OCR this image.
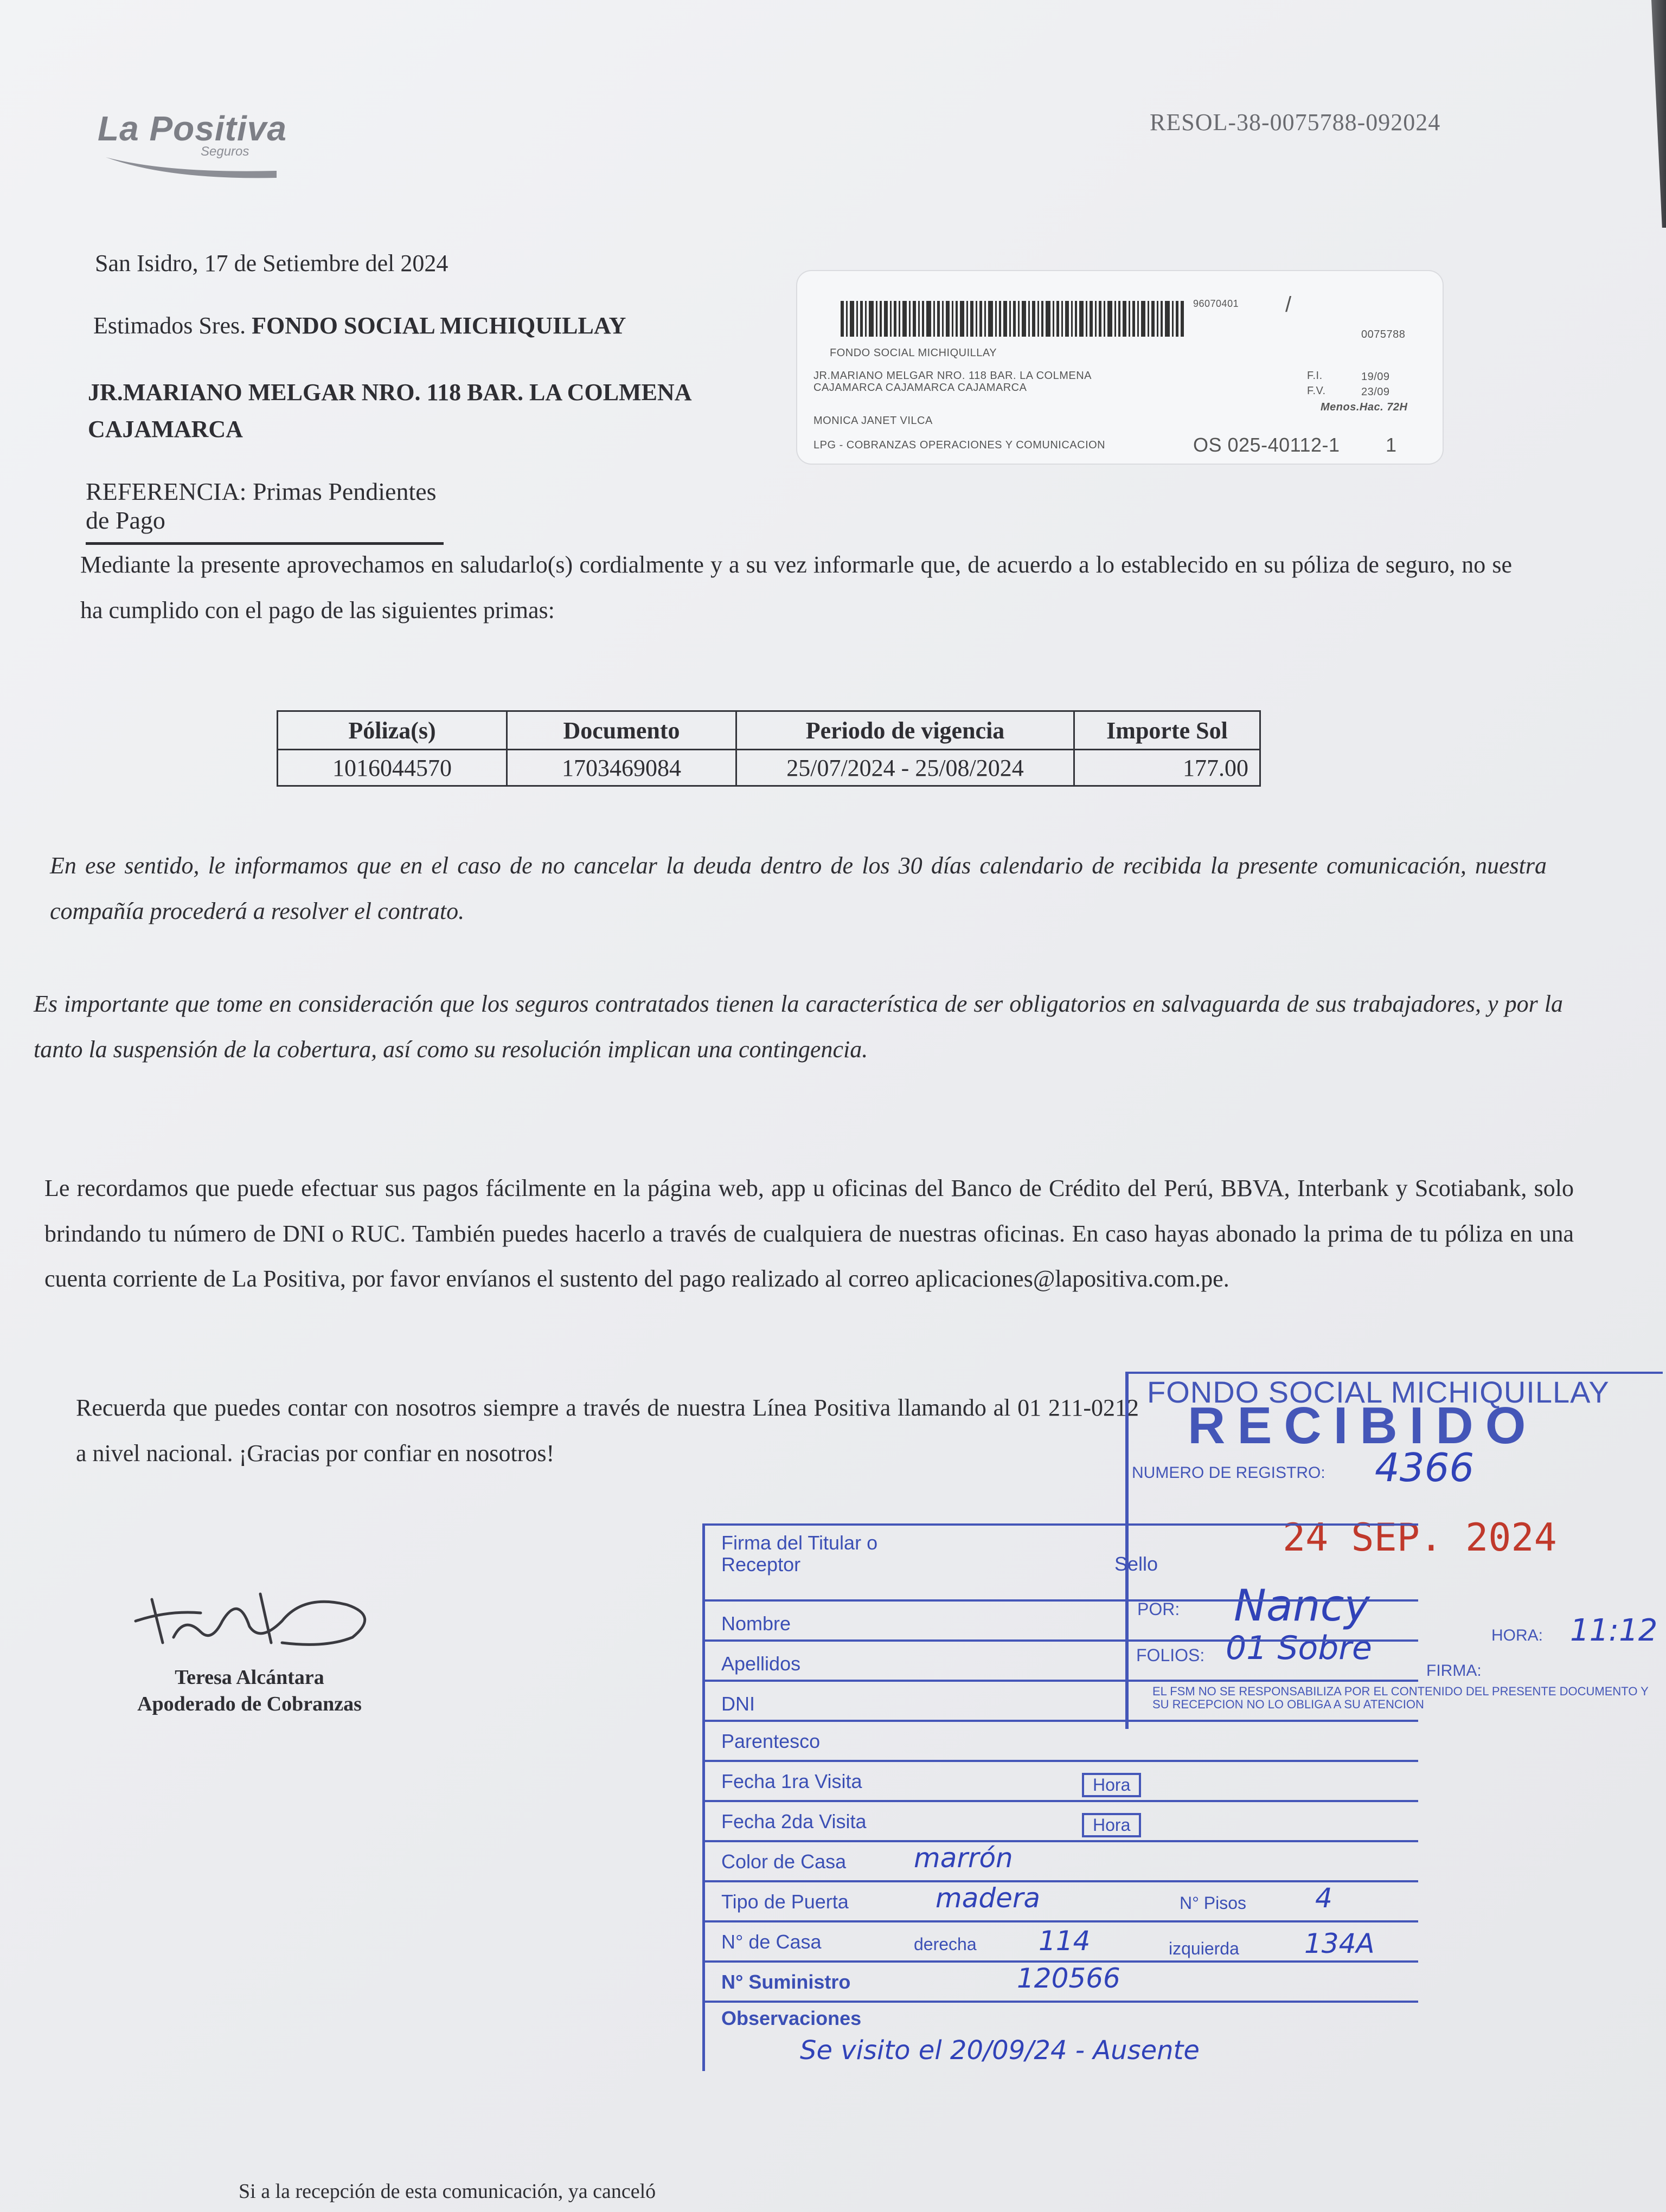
La Positiva
Seguros
RESOL-38-0075788-092024
San Isidro, 17 de Setiembre del 2024
Estimados Sres. FONDO SOCIAL MICHIQUILLAY
JR.MARIANO MELGAR NRO. 118 BAR. LA COLMENA
CAJAMARCA
REFERENCIA: Primas Pendientes de Pago
96070401 /
0075788
FONDO SOCIAL MICHIQUILLAY
JR.MARIANO MELGAR NRO. 118 BAR. LA COLMENA
CAJAMARCA CAJAMARCA CAJAMARCA
F.I.	19/09
F.V.	23/09
Menos.Hac. 72H
MONICA JANET VILCA
LPG - COBRANZAS OPERACIONES Y COMUNICACION	OS 025-40112-1 1
Mediante la presente aprovechamos en saludarlo(s) cordialmente y a su vez informarle que, de acuerdo a lo establecido en su póliza de seguro, no se ha cumplido con el pago de las siguientes primas:
Póliza(s)	Documento	Periodo de vigencia	Importe Sol
1016044570	1703469084	25/07/2024 - 25/08/2024	177.00
En ese sentido, le informamos que en el caso de no cancelar la deuda dentro de los 30 días calendario de recibida la presente comunicación, nuestra compañía procederá a resolver el contrato.
Es importante que tome en consideración que los seguros contratados tienen la característica de ser obligatorios en salvaguarda de sus trabajadores, y por la tanto la suspensión de la cobertura, así como su resolución implican una contingencia.
Le recordamos que puede efectuar sus pagos fácilmente en la página web, app u oficinas del Banco de Crédito del Perú, BBVA, Interbank y Scotiabank, solo brindando tu número de DNI o RUC. También puedes hacerlo a través de cualquiera de nuestras oficinas. En caso hayas abonado la prima de tu póliza en una cuenta corriente de La Positiva, por favor envíanos el sustento del pago realizado al correo aplicaciones@lapositiva.com.pe.
Recuerda que puedes contar con nosotros siempre a través de nuestra Línea Positiva llamando al 01 211-0212 a nivel nacional. ¡Gracias por confiar en nosotros!
Teresa Alcántara
Apoderado de Cobranzas
FONDO SOCIAL MICHIQUILLAY
RECIBIDO
NUMERO DE REGISTRO: 4366
24 SEP. 2024
POR: Nancy
HORA: 11:12
FOLIOS: 01 Sobre
FIRMA:
EL FSM NO SE RESPONSABILIZA POR EL CONTENIDO DEL PRESENTE DOCUMENTO Y SU RECEPCION NO LO OBLIGA A SU ATENCION
Firma del Titular o Receptor	Sello
Nombre
Apellidos
DNI
Parentesco
Fecha 1ra Visita	Hora
Fecha 2da Visita	Hora
Color de Casa marrón
Tipo de Puerta	madera	N° Pisos	4
N° de Casa	derecha 114	izquierda 134A
N° Suministro	120566
Observaciones
Se visito el 20/09/24 - Ausente
Si a la recepción de esta comunicación, ya canceló
